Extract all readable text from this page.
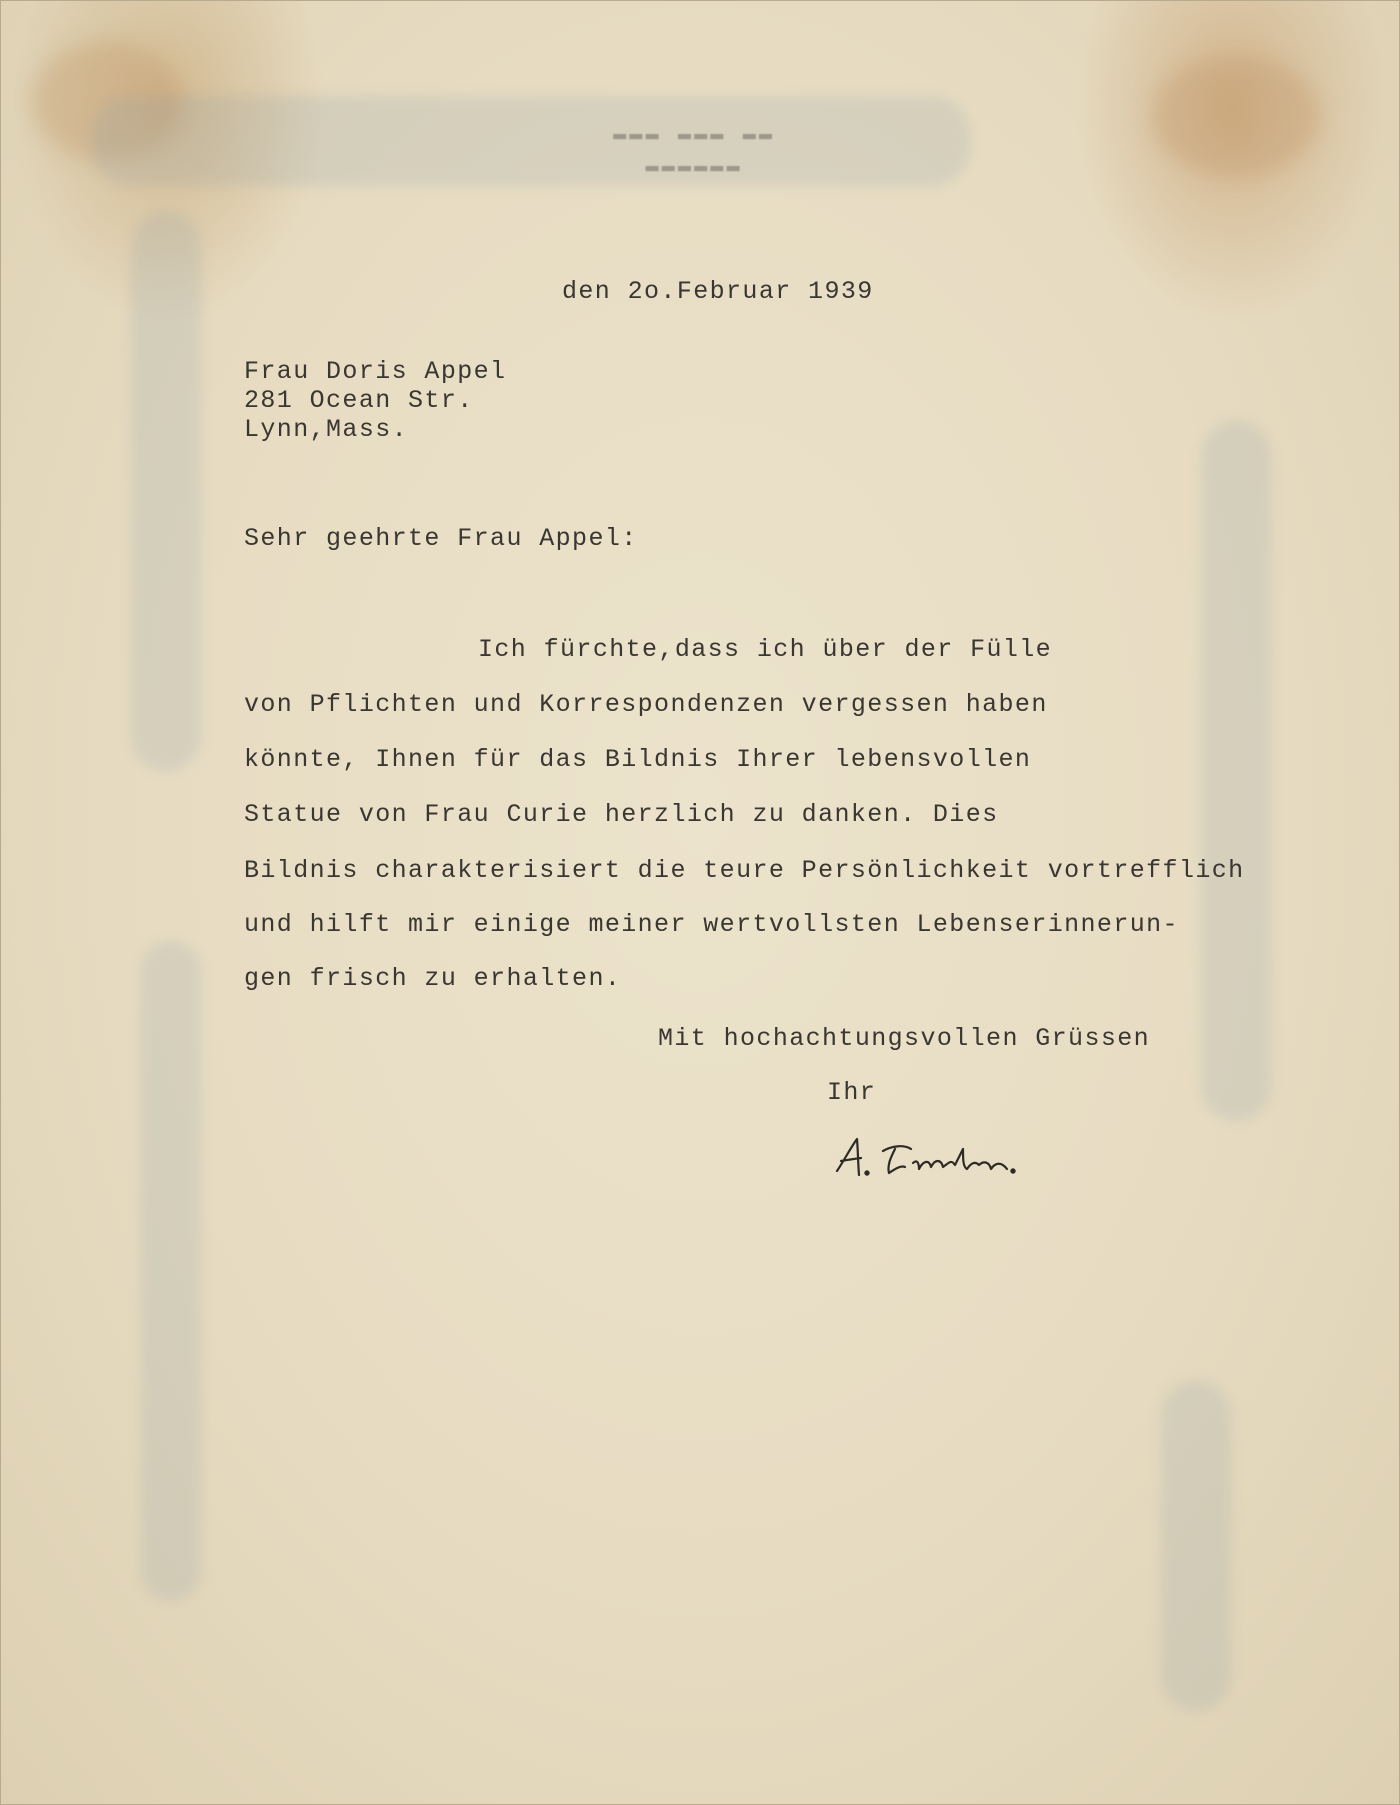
▬▬ ▬▬▬ ▬▬▬
▬▬▬▬▬▬
den 2o.Februar 1939
Frau Doris Appel
281 Ocean Str.
Lynn,Mass.
Sehr geehrte Frau Appel:
Ich fürchte,dass ich über der Fülle
von Pflichten und Korrespondenzen vergessen haben
könnte, Ihnen für das Bildnis Ihrer lebensvollen
Statue von Frau Curie herzlich zu danken. Dies
Bildnis charakterisiert die teure Persönlichkeit vortrefflich
und hilft mir einige meiner wertvollsten Lebenserinnerun-
gen frisch zu erhalten.
Mit hochachtungsvollen Grüssen
Ihr
